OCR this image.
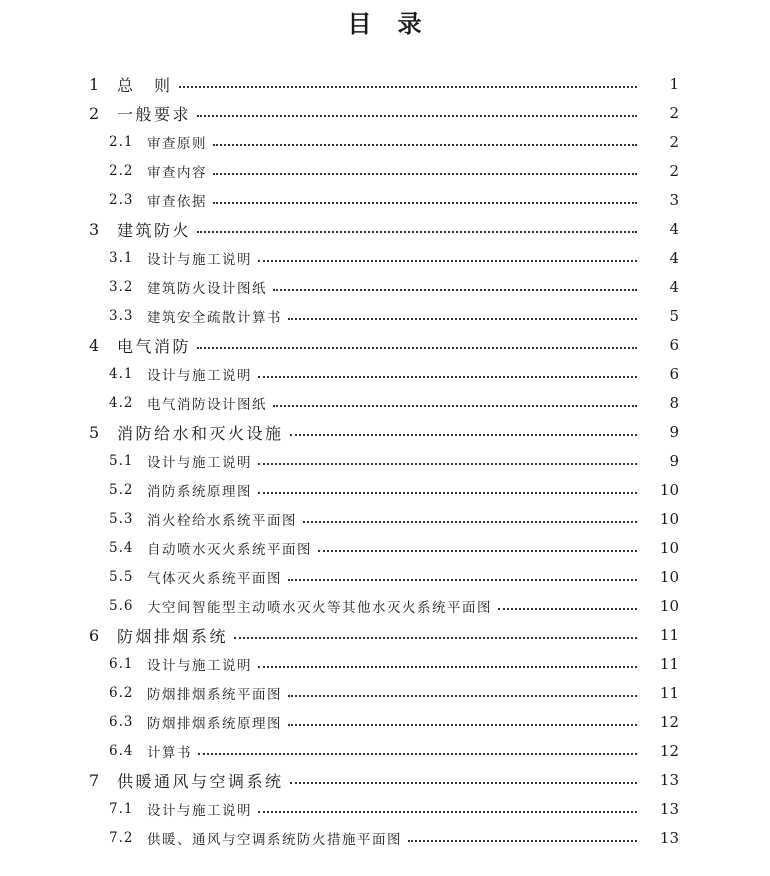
目　录
1	总　则	1
2	一般要求	2
2.1	审查原则	2
2.2	审查内容	2
2.3	审查依据	3
3	建筑防火	4
3.1	设计与施工说明	4
3.2	建筑防火设计图纸	4
3.3	建筑安全疏散计算书	5
4	电气消防	6
4.1	设计与施工说明	6
4.2	电气消防设计图纸	8
5	消防给水和灭火设施	9
5.1	设计与施工说明	9
5.2	消防系统原理图	10
5.3	消火栓给水系统平面图	10
5.4	自动喷水灭火系统平面图	10
5.5	气体灭火系统平面图	10
5.6	大空间智能型主动喷水灭火等其他水灭火系统平面图	10
6	防烟排烟系统	11
6.1	设计与施工说明	11
6.2	防烟排烟系统平面图	11
6.3	防烟排烟系统原理图	12
6.4	计算书	12
7	供暖通风与空调系统	13
7.1	设计与施工说明	13
7.2	供暖、通风与空调系统防火措施平面图	13
